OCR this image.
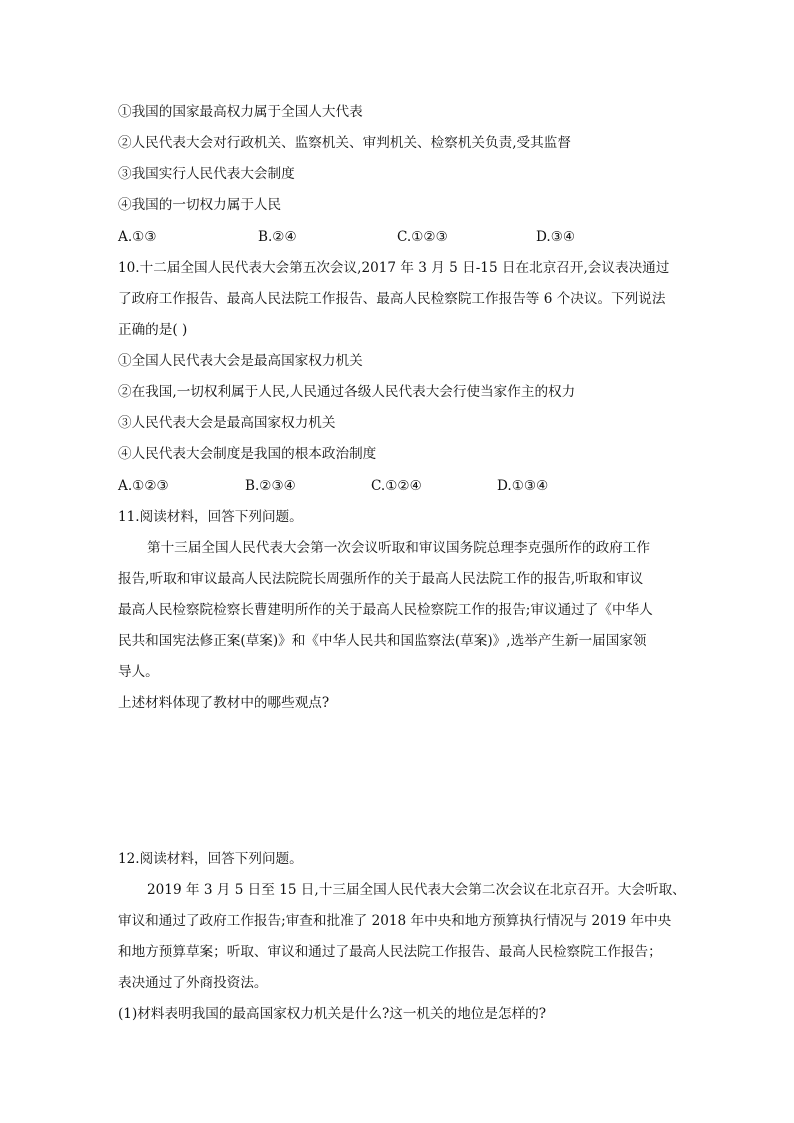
①我国的国家最高权力属于全国人大代表
②人民代表大会对行政机关、监察机关、审判机关、检察机关负责,受其监督
③我国实行人民代表大会制度
④我国的一切权力属于人民
A.①③	B.②④	C.①②③	D.③④
10.十二届全国人民代表大会第五次会议,2017 年 3 月 5 日-15 日在北京召开,会议表决通过
了政府工作报告、最高人民法院工作报告、最高人民检察院工作报告等 6 个决议。下列说法
正确的是( )
①全国人民代表大会是最高国家权力机关
②在我国,一切权利属于人民,人民通过各级人民代表大会行使当家作主的权力
③人民代表大会是最高国家权力机关
④人民代表大会制度是我国的根本政治制度
A.①②③	B.②③④	C.①②④	D.①③④
11.阅读材料，回答下列问题。
第十三届全国人民代表大会第一次会议听取和审议国务院总理李克强所作的政府工作
报告,听取和审议最高人民法院院长周强所作的关于最高人民法院工作的报告,听取和审议
最高人民检察院检察长曹建明所作的关于最高人民检察院工作的报告;审议通过了《中华人
民共和国宪法修正案(草案)》和《中华人民共和国监察法(草案)》,选举产生新一届国家领
导人。
上述材料体现了教材中的哪些观点?
12.阅读材料，回答下列问题。
2019 年 3 月 5 日至 15 日,十三届全国人民代表大会第二次会议在北京召开。大会听取、
审议和通过了政府工作报告;审查和批准了 2018 年中央和地方预算执行情况与 2019 年中央
和地方预算草案；听取、审议和通过了最高人民法院工作报告、最高人民检察院工作报告；
表决通过了外商投资法。
(1)材料表明我国的最高国家权力机关是什么?这一机关的地位是怎样的?
